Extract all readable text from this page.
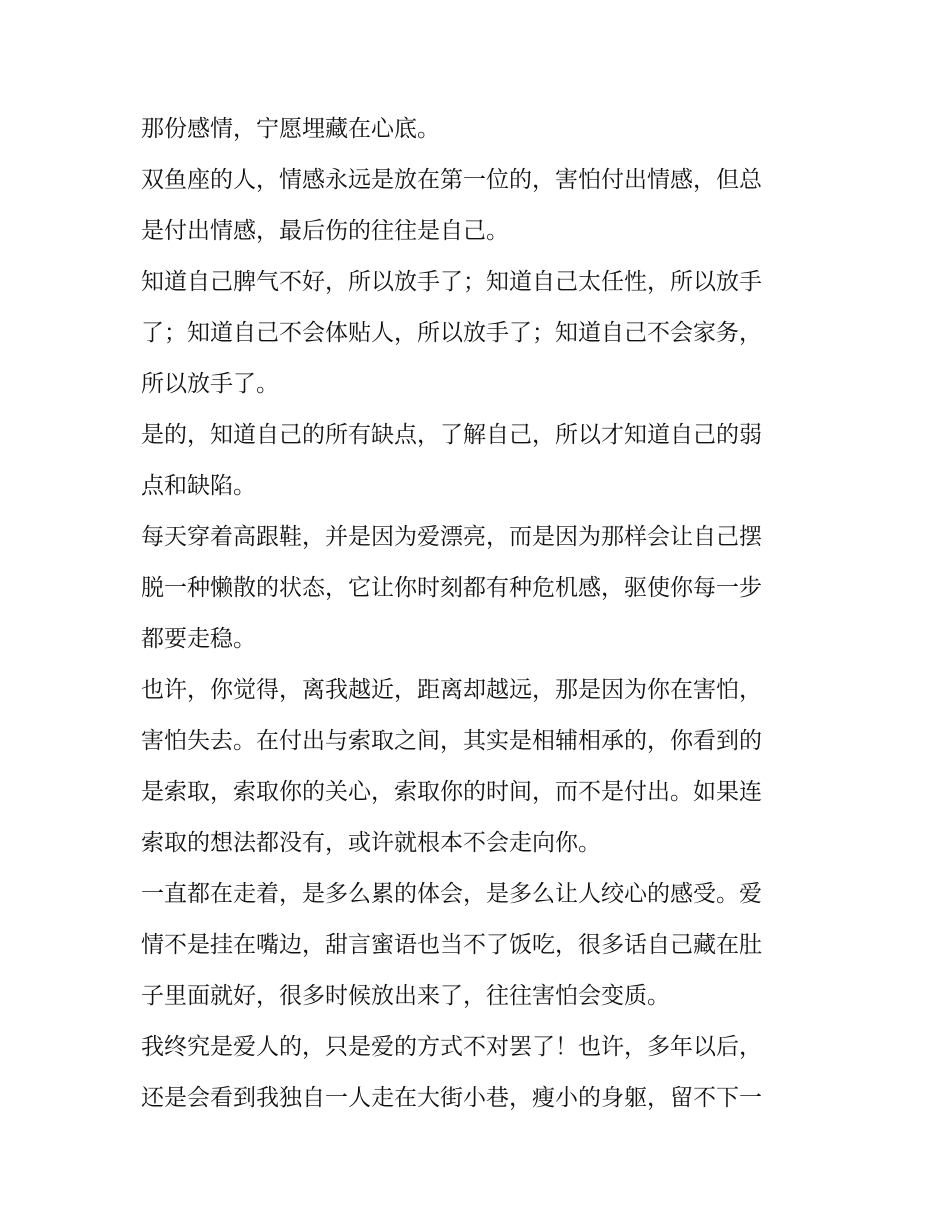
那份感情，宁愿埋藏在心底。
双鱼座的人，情感永远是放在第一位的，害怕付出情感，但总
是付出情感，最后伤的往往是自己。
知道自己脾气不好，所以放手了；知道自己太任性，所以放手
了；知道自己不会体贴人，所以放手了；知道自己不会家务，
所以放手了。
是的，知道自己的所有缺点，了解自己，所以才知道自己的弱
点和缺陷。
每天穿着高跟鞋，并是因为爱漂亮，而是因为那样会让自己摆
脱一种懒散的状态，它让你时刻都有种危机感，驱使你每一步
都要走稳。
也许，你觉得，离我越近，距离却越远，那是因为你在害怕，
害怕失去。在付出与索取之间，其实是相辅相承的，你看到的
是索取，索取你的关心，索取你的时间，而不是付出。如果连
索取的想法都没有，或许就根本不会走向你。
一直都在走着，是多么累的体会，是多么让人绞心的感受。爱
情不是挂在嘴边，甜言蜜语也当不了饭吃，很多话自己藏在肚
子里面就好，很多时候放出来了，往往害怕会变质。
我终究是爱人的，只是爱的方式不对罢了！也许，多年以后，
还是会看到我独自一人走在大街小巷，瘦小的身躯，留不下一
